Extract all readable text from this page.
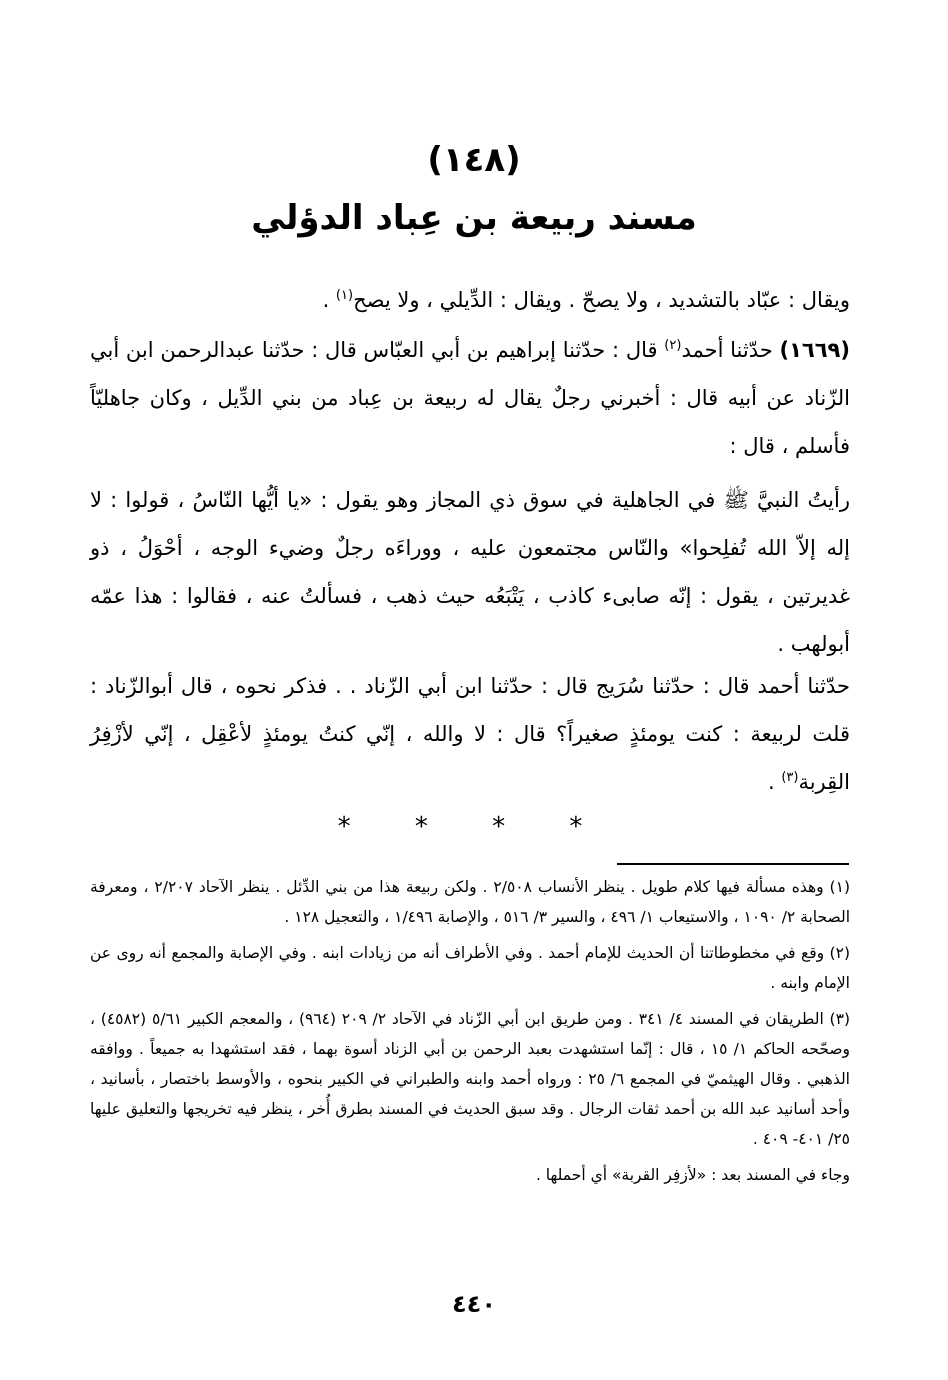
(١٤٨)
مسند ربيعة بن عِباد الدؤلي
ويقال : عبّاد بالتشديد ، ولا يصحّ . ويقال : الدِّيلي ، ولا يصح$^{(١)}$ .
(١٦٦٩) حدّثنا أحمد$^{(٢)}$ قال : حدّثنا إبراهيم بن أبي العبّاس قال : حدّثنا عبدالرحمن ابن أبي الزّناد عن أبيه قال : أخبرني رجلٌ يقال له ربيعة بن عِباد من بني الدِّيل ، وكان جاهليّاً فأسلم ، قال :
رأيتُ النبيَّ ﷺ في الجاهلية في سوق ذي المجاز وهو يقول : «يا أيُّها النّاسُ ، قولوا : لا إله إلاّ الله تُفلِحوا» والنّاس مجتمعون عليه ، ووراءَه رجلٌ وضيء الوجه ، أحْوَلُ ، ذو غديرتين ، يقول : إنّه صابىء كاذب ، يَتْبَعُه حيث ذهب ، فسألتُ عنه ، فقالوا : هذا عمّه أبولهب .
حدّثنا أحمد قال : حدّثنا سُرَيج قال : حدّثنا ابن أبي الزّناد . . فذكر نحوه ، قال أبوالزّناد : قلت لربيعة : كنت يومئذٍ صغيراً؟ قال : لا والله ، إنّي كنتُ يومئذٍ لأعْقِل ، إنّي لأزْفِرُ القِربة$^{(٣)}$ .
* * * *

(١) وهذه مسألة فيها كلام طويل . ينظر الأنساب ٢/٥٠٨ . ولكن ربيعة هذا من بني الدِّئل . ينظر الآحاد ٢/٢٠٧ ، ومعرفة الصحابة ٢/ ١٠٩٠ ، والاستيعاب ١/ ٤٩٦ ، والسير ٣/ ٥١٦ ، والإصابة ١/٤٩٦ ، والتعجيل ١٢٨ .

(٢) وقع في مخطوطاتنا أن الحديث للإمام أحمد . وفي الأطراف أنه من زيادات ابنه . وفي الإصابة والمجمع أنه روى عن الإمام وابنه .

(٣) الطريقان في المسند ٤/ ٣٤١ . ومن طريق ابن أبي الزّناد في الآحاد ٢/ ٢٠٩ (٩٦٤) ، والمعجم الكبير ٥/٦١ (٤٥٨٢) ، وصحّحه الحاكم ١/ ١٥ ، قال : إنّما استشهدت بعبد الرحمن بن أبي الزناد أسوة بهما ، فقد استشهدا به جميعاً . ووافقه الذهبي . وقال الهيثميّ في المجمع ٦/ ٢٥ : ورواه أحمد وابنه والطبراني في الكبير بنحوه ، والأوسط باختصار ، بأسانيد ، وأحد أسانيد عبد الله بن أحمد ثقات الرجال . وقد سبق الحديث في المسند بطرق أُخر ، ينظر فيه تخريجها والتعليق عليها ٢٥/ ٤٠١- ٤٠٩ .

وجاء في المسند بعد : «لأزفِر القربة» أي أحملها .

٤٤٠
